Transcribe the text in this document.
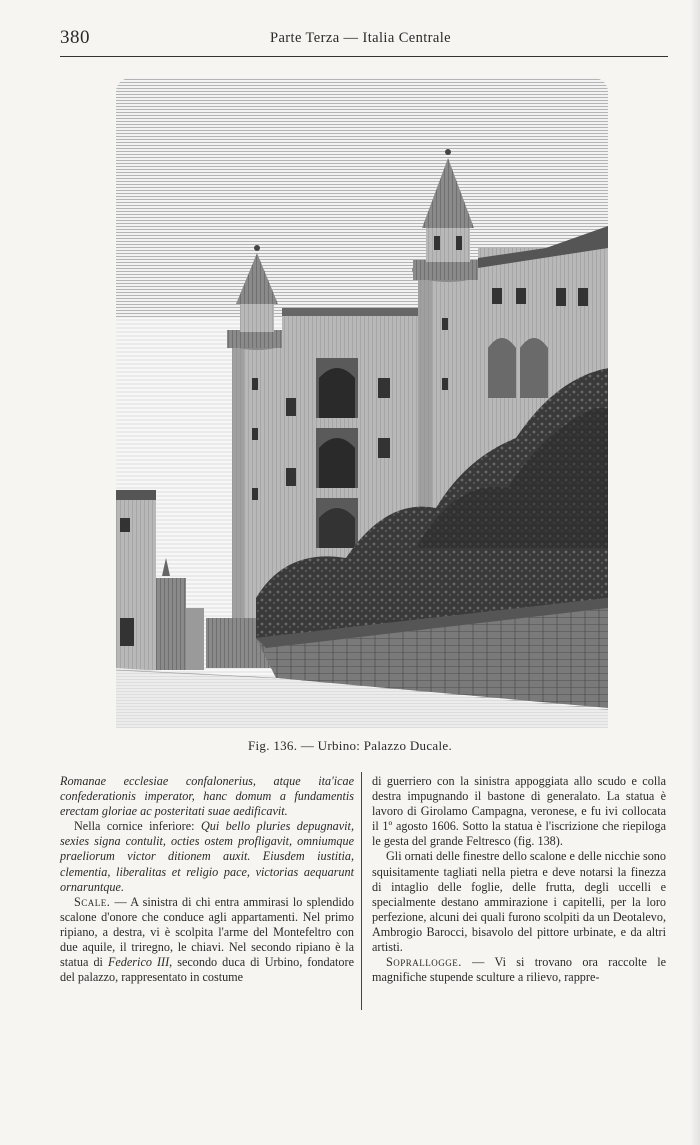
380	Parte Terza — Italia Centrale
Fig. 136. — Urbino: Palazzo Ducale.

Romanae ecclesiae confalonerius, atque ita'icae confederationis imperator, hanc domum a fundamentis erectam gloriae ac posteritati suae aedificavit.

Nella cornice inferiore: Qui bello pluries depugnavit, sexies signa contulit, octies ostem profligavit, omniumque praeliorum victor ditionem auxit. Eiusdem iustitia, clementia, liberalitas et religio pace, victorias aequarunt ornaruntque.

Scale. — A sinistra di chi entra ammirasi lo splendido scalone d'onore che conduce agli appartamenti. Nel primo ripiano, a destra, vi è scolpita l'arme del Montefeltro con due aquile, il triregno, le chiavi. Nel secondo ripiano è la statua di Federico III, secondo duca di Urbino, fondatore del palazzo, rappresentato in costume

di guerriero con la sinistra appoggiata allo scudo e colla destra impugnando il bastone di generalato. La statua è lavoro di Girolamo Campagna, veronese, e fu ivi collocata il 1º agosto 1606. Sotto la statua è l'iscrizione che riepiloga le gesta del grande Feltresco (fig. 138).

Gli ornati delle finestre dello scalone e delle nicchie sono squisitamente tagliati nella pietra e deve notarsi la finezza di intaglio delle foglie, delle frutta, degli uccelli e specialmente destano ammirazione i capitelli, per la loro perfezione, alcuni dei quali furono scolpiti da un Deotalevo, Ambrogio Barocci, bisavolo del pittore urbinate, e da altri artisti.

Soprallogge. — Vi si trovano ora raccolte le magnifiche stupende sculture a rilievo, rappre-
